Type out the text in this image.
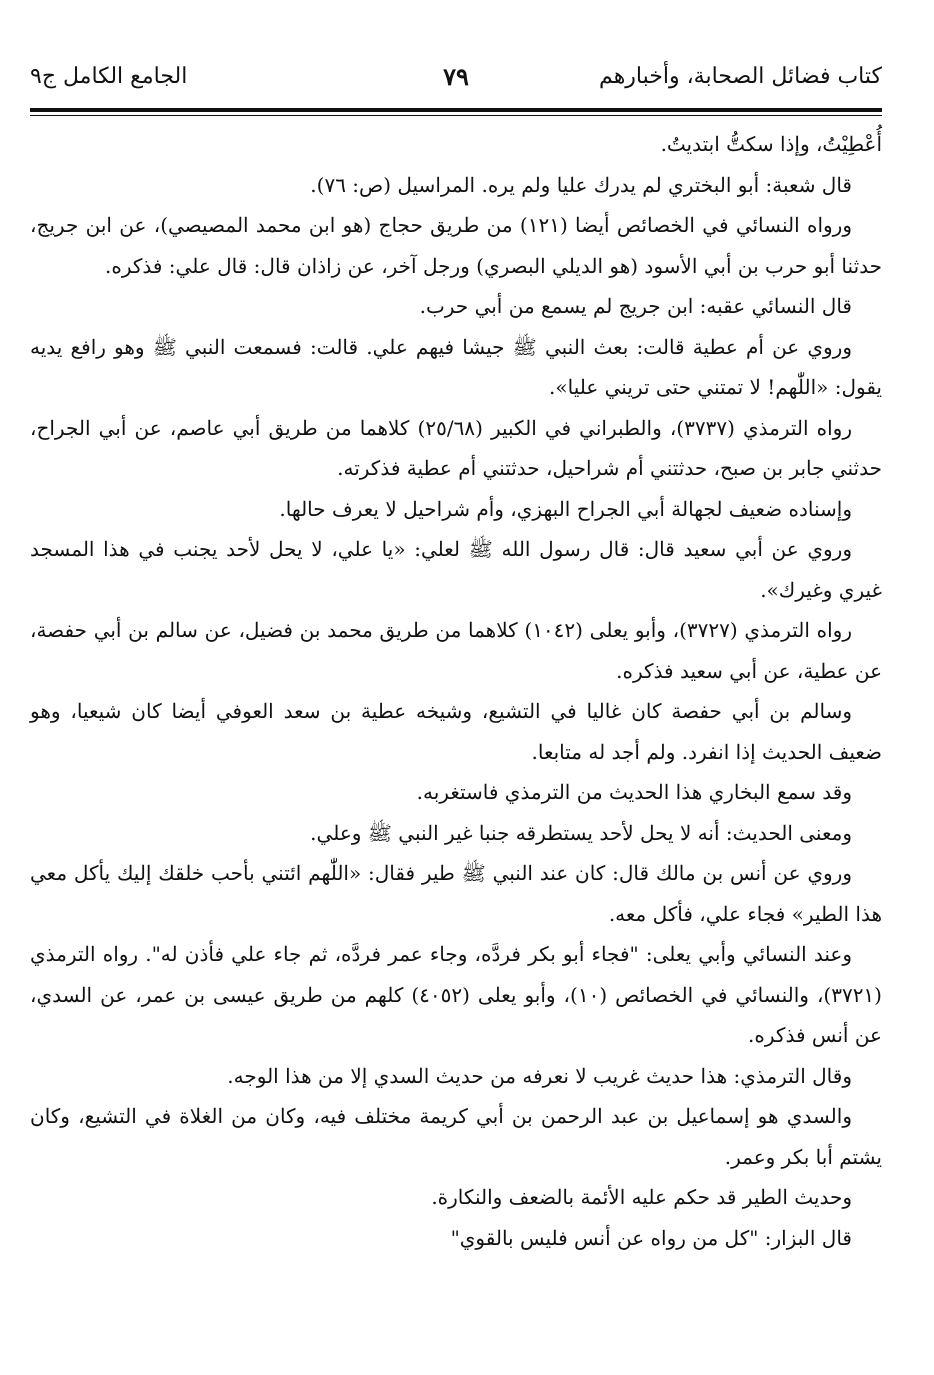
كتاب فضائل الصحابة، وأخبارهم
٧٩
الجامع الكامل ج٩

أُعْطِيْتُ، وإذا سكتُّ ابتديتُ.

قال شعبة: أبو البختري لم يدرك عليا ولم يره. المراسيل (ص: ٧٦).

ورواه النسائي في الخصائص أيضا (١٢١) من طريق حجاج (هو ابن محمد المصيصي)، عن ابن جريج، حدثنا أبو حرب بن أبي الأسود (هو الديلي البصري) ورجل آخر، عن زاذان قال: قال علي: فذكره.

قال النسائي عقبه: ابن جريج لم يسمع من أبي حرب.

وروي عن أم عطية قالت: بعث النبي ﷺ جيشا فيهم علي. قالت: فسمعت النبي ﷺ وهو رافع يديه يقول: «اللّٰهم! لا تمتني حتى تريني عليا».

رواه الترمذي (٣٧٣٧)، والطبراني في الكبير (٢٥/٦٨) كلاهما من طريق أبي عاصم، عن أبي الجراح، حدثني جابر بن صبح، حدثتني أم شراحيل، حدثتني أم عطية فذكرته.

وإسناده ضعيف لجهالة أبي الجراح البهزي، وأم شراحيل لا يعرف حالها.

وروي عن أبي سعيد قال: قال رسول الله ﷺ لعلي: «يا علي، لا يحل لأحد يجنب في هذا المسجد غيري وغيرك».

رواه الترمذي (٣٧٢٧)، وأبو يعلى (١٠٤٢) كلاهما من طريق محمد بن فضيل، عن سالم بن أبي حفصة، عن عطية، عن أبي سعيد فذكره.

وسالم بن أبي حفصة كان غاليا في التشيع، وشيخه عطية بن سعد العوفي أيضا كان شيعيا، وهو ضعيف الحديث إذا انفرد. ولم أجد له متابعا.

وقد سمع البخاري هذا الحديث من الترمذي فاستغربه.

ومعنى الحديث: أنه لا يحل لأحد يستطرقه جنبا غير النبي ﷺ وعلي.

وروي عن أنس بن مالك قال: كان عند النبي ﷺ طير فقال: «اللّٰهم ائتني بأحب خلقك إليك يأكل معي هذا الطير» فجاء علي، فأكل معه.

وعند النسائي وأبي يعلى: "فجاء أبو بكر فردَّه، وجاء عمر فردَّه، ثم جاء علي فأذن له". رواه الترمذي (٣٧٢١)، والنسائي في الخصائص (١٠)، وأبو يعلى (٤٠٥٢) كلهم من طريق عيسى بن عمر، عن السدي، عن أنس فذكره.

وقال الترمذي: هذا حديث غريب لا نعرفه من حديث السدي إلا من هذا الوجه.

والسدي هو إسماعيل بن عبد الرحمن بن أبي كريمة مختلف فيه، وكان من الغلاة في التشيع، وكان يشتم أبا بكر وعمر.

وحديث الطير قد حكم عليه الأئمة بالضعف والنكارة.

قال البزار: "كل من رواه عن أنس فليس بالقوي"
